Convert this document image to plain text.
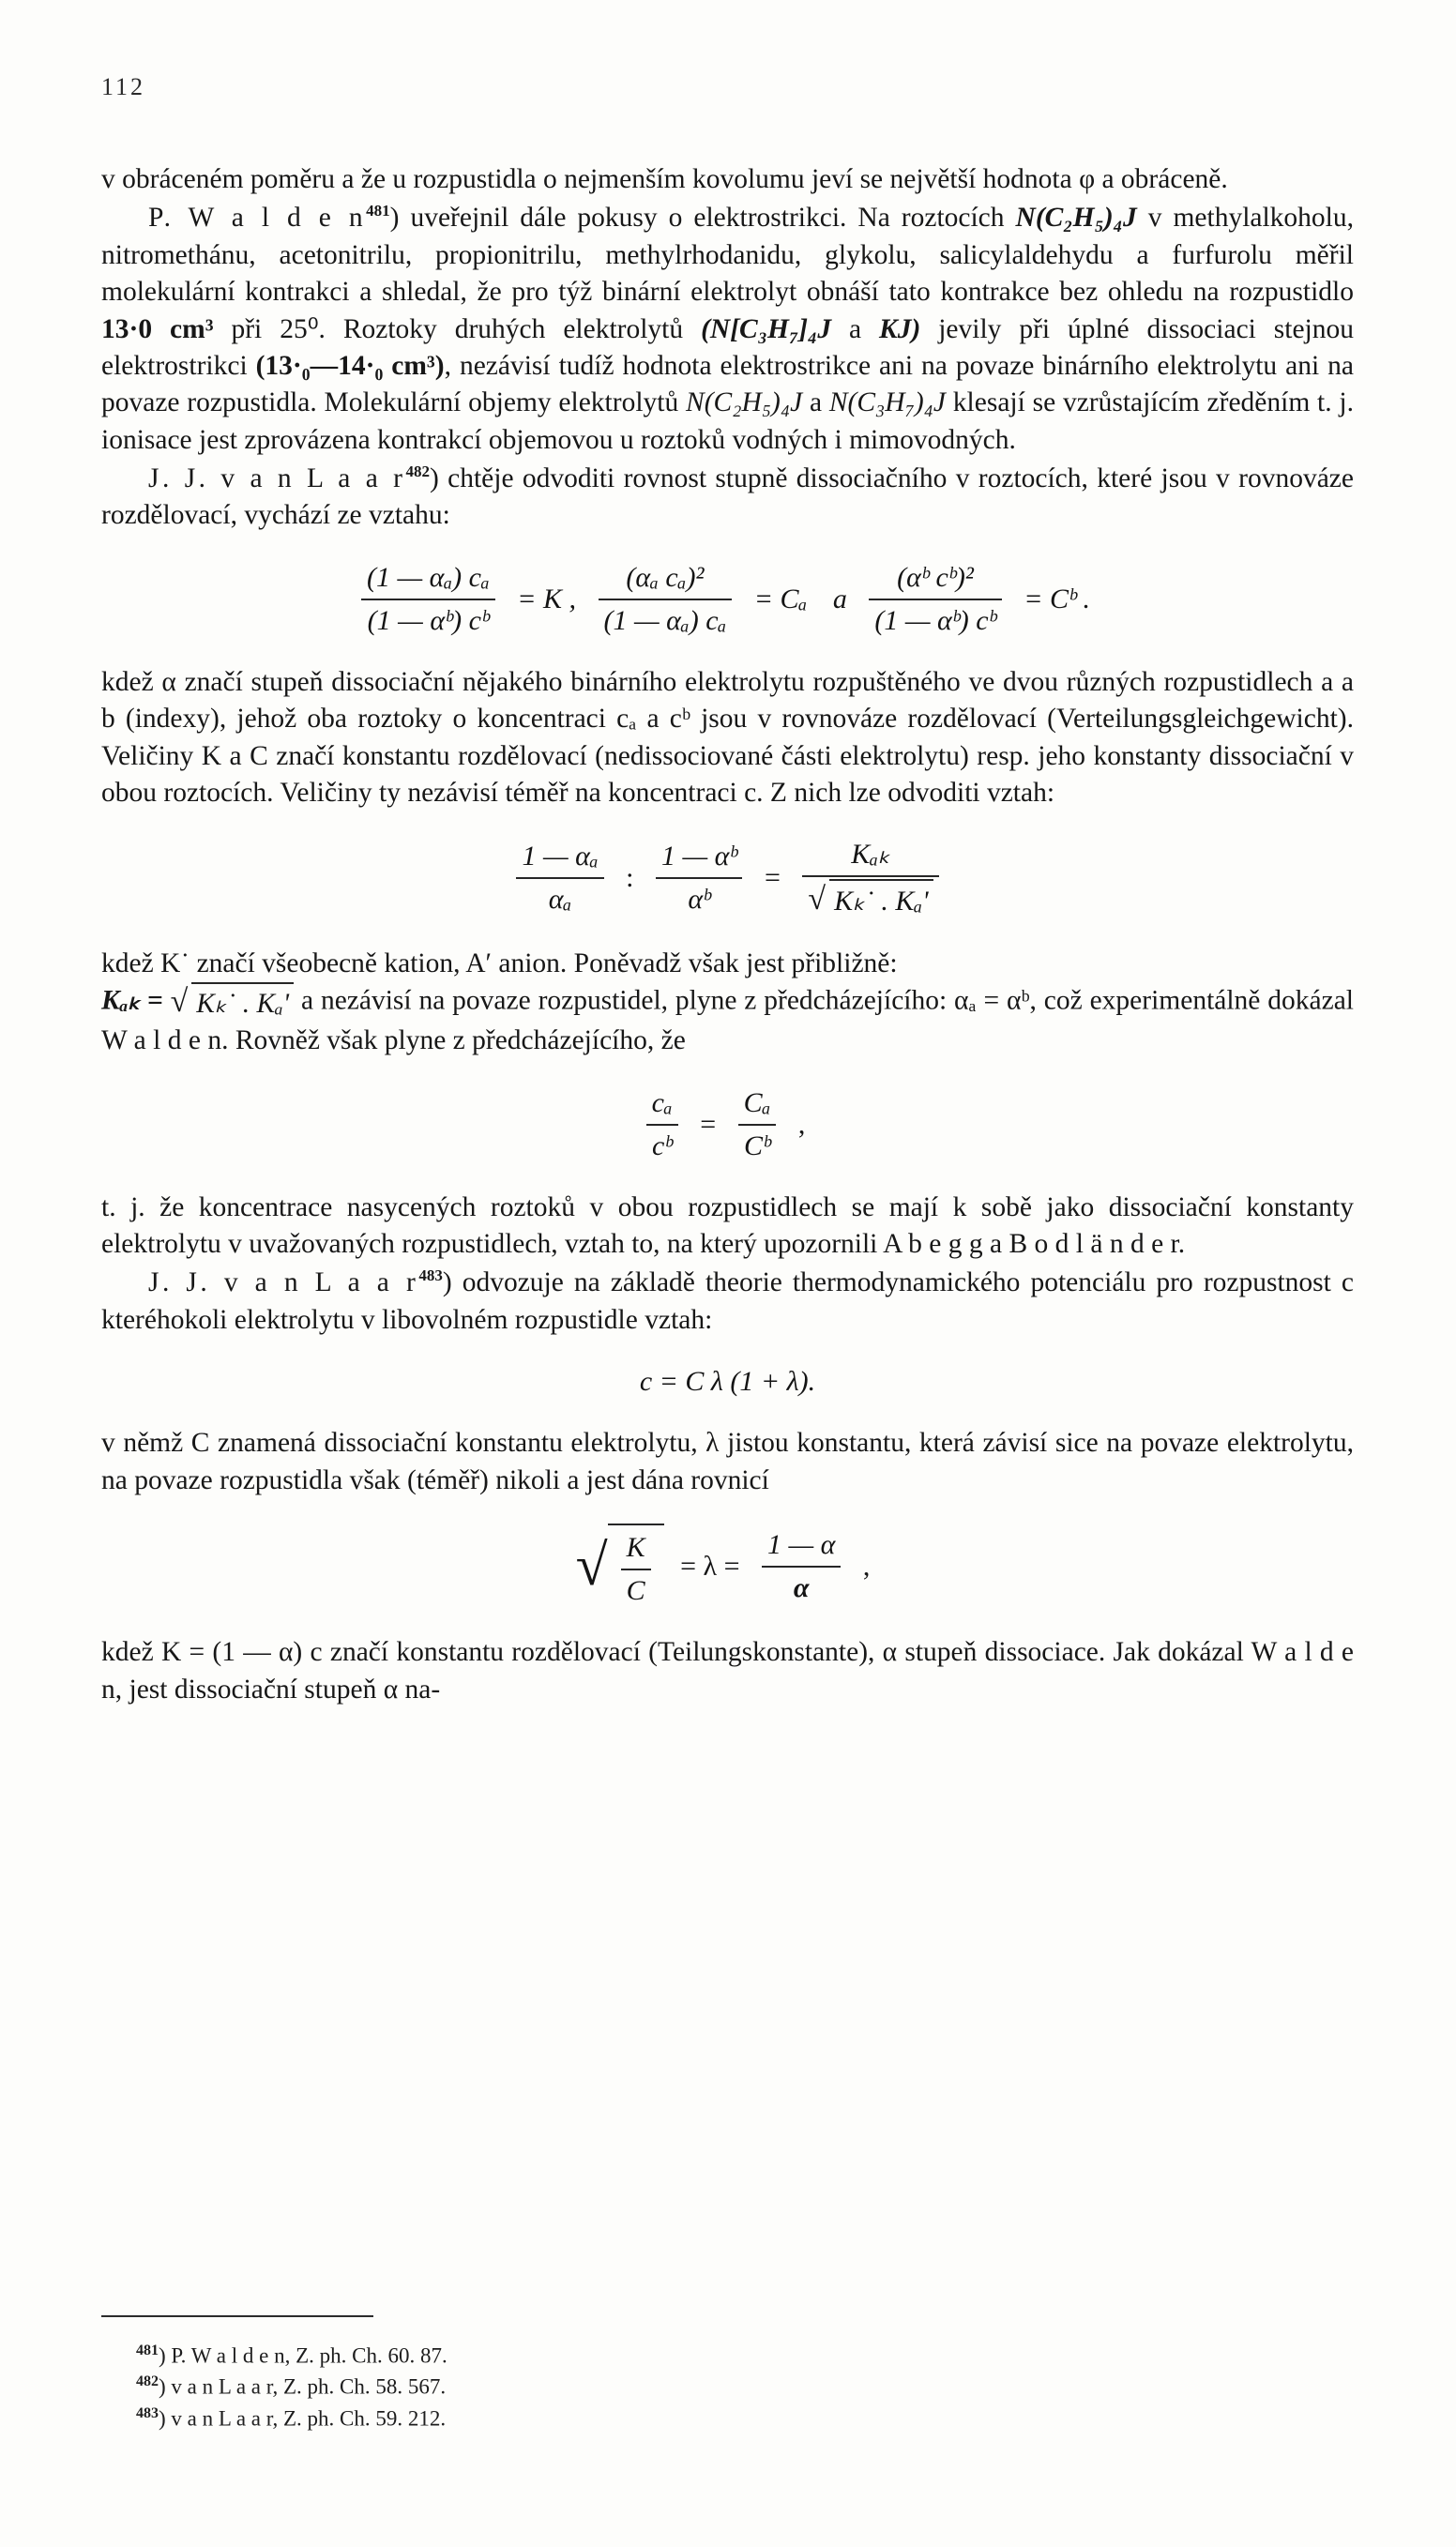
112

v obráceném poměru a že u rozpustidla o nejmenším kovolumu jeví se největší hodnota φ a obráceně.

P. W a l d e $n^{481}$) uveřejnil dále pokusy o elektrostrikci. Na roztocích N(C₂H₅)₄J v methylalkoholu, nitromethánu, acetonitrilu, propionitrilu, methylrhodanidu, glykolu, salicylaldehydu a furfurolu měřil molekulární kontrakci a shledal, že pro týž binární elektrolyt obnáší tato kontrakce bez ohledu na rozpustidlo 13·0 cm³ při 25⁰. Roztoky druhých elektrolytů (N[C₃H₇]₄J a KJ) jevily při úplné dissociaci stejnou elektrostrikci (13·₀—14·₀ cm³), nezávisí tudíž hodnota elektrostrikce ani na povaze binárního elektrolytu ani na povaze rozpustidla. Molekulární objemy elektrolytů N(C₂H₅)₄J a N(C₃H₇)₄J klesají se vzrůstajícím zředěním t. j. ionisace jest zprovázena kontrakcí objemovou u roztoků vodných i mimovodných.

J. J. v a n L a a $r^{482}$) chtěje odvoditi rovnost stupně dissociačního v roztocích, které jsou v rovnováze rozdělovací, vychází ze vztahu:

$\frac{\text{(1 — αₐ) cₐ}}{\text{(1 — αᵇ) cᵇ}} = K$ , $\frac{\text{(αₐ cₐ)²}}{\text{(1 — αₐ) cₐ}} = C_a$ a $\frac{\text{(αᵇ cᵇ)²}}{\text{(1 — αᵇ) cᵇ}}$ = Cᵇ .

kdež α značí stupeň dissociační nějakého binárního elektrolytu rozpuštěného ve dvou různých rozpustidlech a a b (indexy), jehož oba roztoky o koncentraci cₐ a cᵇ jsou v rovnováze rozdělovací (Verteilungsgleichgewicht). Veličiny K a C značí konstantu rozdělovací (nedissociované části elektrolytu) resp. jeho konstanty dissociační v obou roztocích. Veličiny ty nezávisí téměř na koncentraci c. Z nich lze odvoditi vztah:

$\frac{\text{1 — αₐ}}{\text{αₐ}}$ : $\frac{\text{1 — αᵇ}}{\text{αᵇ}} = \frac{\text{Kₐₖ}}{\text{√ Kₖ˙ . Kₐʹ}}$

kdež K˙ značí všeobecně kation, Aʹ anion. Poněvadž však jest přibližně:

Kₐₖ = √ Kₖ˙ . Kₐʹ a nezávisí na povaze rozpustidel, plyne z předcházejícího: αₐ = αᵇ, což experimentálně dokázal W a l d e n. Rovněž však plyne z předcházejícího, že

$\frac{\text{cₐ}}{\text{cᵇ}} = \frac{\text{Cₐ}}{\text{Cᵇ}}$ ,

t. j. že koncentrace nasycených roztoků v obou rozpustidlech se mají k sobě jako dissociační konstanty elektrolytu v uvažovaných rozpustidlech, vztah to, na který upozornili A b e g g a B o d l ä n d e r.

J. J. v a n L a a $r^{483}$) odvozuje na základě theorie thermodynamického potenciálu pro rozpustnost c kteréhokoli elektrolytu v libovolném rozpustidle vztah:

c = C λ (1 + λ).

v němž C znamená dissociační konstantu elektrolytu, λ jistou konstantu, která závisí sice na povaze elektrolytu, na povaze rozpustidla však (téměř) nikoli a jest dána rovnicí

√ $\frac{K}{C} = \lambda = \frac{1 — \alpha}{\alpha}$ ,

kdež K = (1 — α) c značí konstantu rozdělovací (Teilungskonstante), α stupeň dissociace. Jak dokázal W a l d e n, jest dissociační stupeň α na-

$^{481}$) P. W a l d e n, Z. ph. Ch. 60. 87.
$^{482}$) v a n L a a r, Z. ph. Ch. 58. 567.
$^{483}$) v a n L a a r, Z. ph. Ch. 59. 212.
